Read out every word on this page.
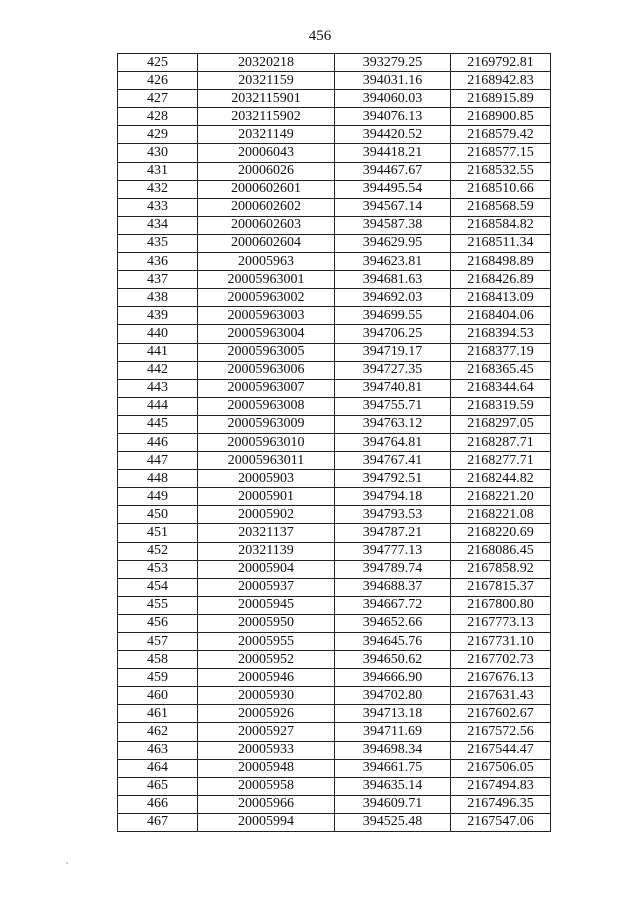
456
425	20320218	393279.25	2169792.81
426	20321159	394031.16	2168942.83
427	2032115901	394060.03	2168915.89
428	2032115902	394076.13	2168900.85
429	20321149	394420.52	2168579.42
430	20006043	394418.21	2168577.15
431	20006026	394467.67	2168532.55
432	2000602601	394495.54	2168510.66
433	2000602602	394567.14	2168568.59
434	2000602603	394587.38	2168584.82
435	2000602604	394629.95	2168511.34
436	20005963	394623.81	2168498.89
437	20005963001	394681.63	2168426.89
438	20005963002	394692.03	2168413.09
439	20005963003	394699.55	2168404.06
440	20005963004	394706.25	2168394.53
441	20005963005	394719.17	2168377.19
442	20005963006	394727.35	2168365.45
443	20005963007	394740.81	2168344.64
444	20005963008	394755.71	2168319.59
445	20005963009	394763.12	2168297.05
446	20005963010	394764.81	2168287.71
447	20005963011	394767.41	2168277.71
448	20005903	394792.51	2168244.82
449	20005901	394794.18	2168221.20
450	20005902	394793.53	2168221.08
451	20321137	394787.21	2168220.69
452	20321139	394777.13	2168086.45
453	20005904	394789.74	2167858.92
454	20005937	394688.37	2167815.37
455	20005945	394667.72	2167800.80
456	20005950	394652.66	2167773.13
457	20005955	394645.76	2167731.10
458	20005952	394650.62	2167702.73
459	20005946	394666.90	2167676.13
460	20005930	394702.80	2167631.43
461	20005926	394713.18	2167602.67
462	20005927	394711.69	2167572.56
463	20005933	394698.34	2167544.47
464	20005948	394661.75	2167506.05
465	20005958	394635.14	2167494.83
466	20005966	394609.71	2167496.35
467	20005994	394525.48	2167547.06
